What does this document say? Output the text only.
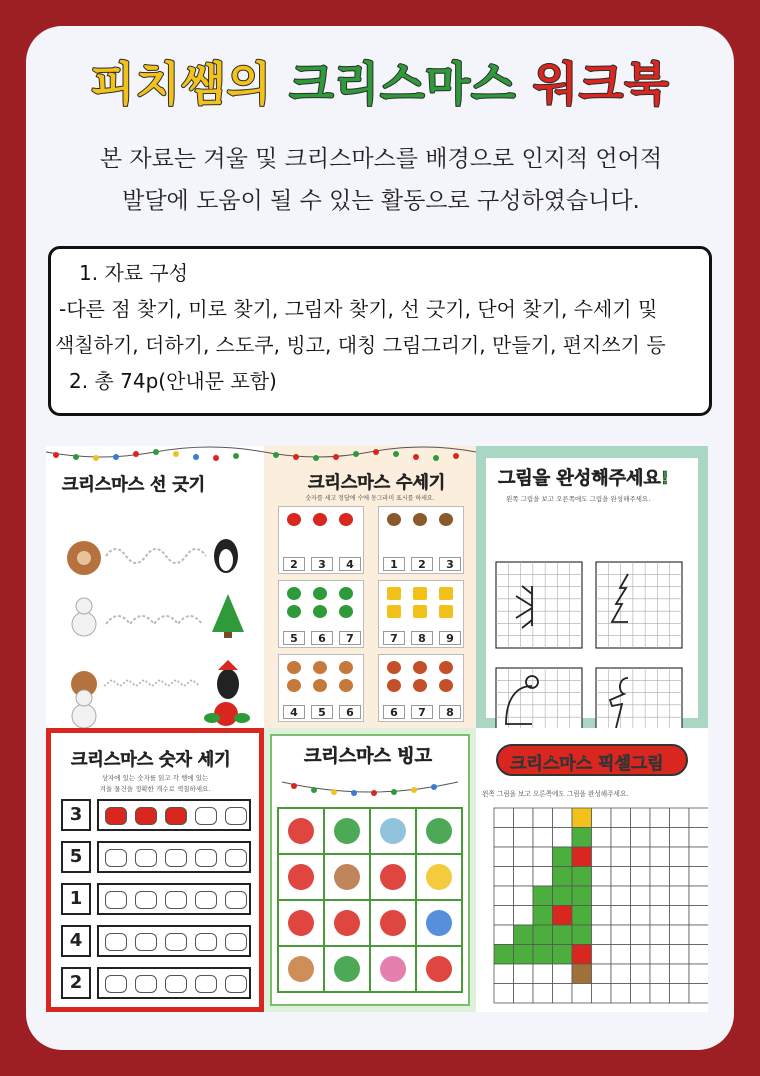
피치쌤의 크리스마스 워크북
본 자료는 겨울 및 크리스마스를 배경으로 인지적 언어적
발달에 도움이 될 수 있는 활동으로 구성하였습니다.
1. 자료 구성
-다른 점 찾기, 미로 찾기, 그림자 찾기, 선 긋기, 단어 찾기, 수세기 및
색칠하기, 더하기, 스도쿠, 빙고, 대칭 그림그리기, 만들기, 편지쓰기 등
2. 총 74p(안내문 포함)
크리스마스 선 긋기	크리스마스 수세기
숫자를 세고 정답에 수에 동그라미 표시를 하세요.
2	3	4	1	2	3
5	6	7	7	8	9
4	5	6	6	7	8
그림을 완성해주세요!
왼쪽 그림을 보고 오른쪽에도 그림을 완성해주세요.
크리스마스 숫자 세기
상자에 있는 숫자를 읽고 각 행에 있는
겨울 물건을 정확한 개수로 색칠하세요.
3
5
1
4
2
크리스마스 빙고	크리스마스 픽셀그림
왼쪽 그림을 보고 오른쪽에도 그림을 완성해주세요.
